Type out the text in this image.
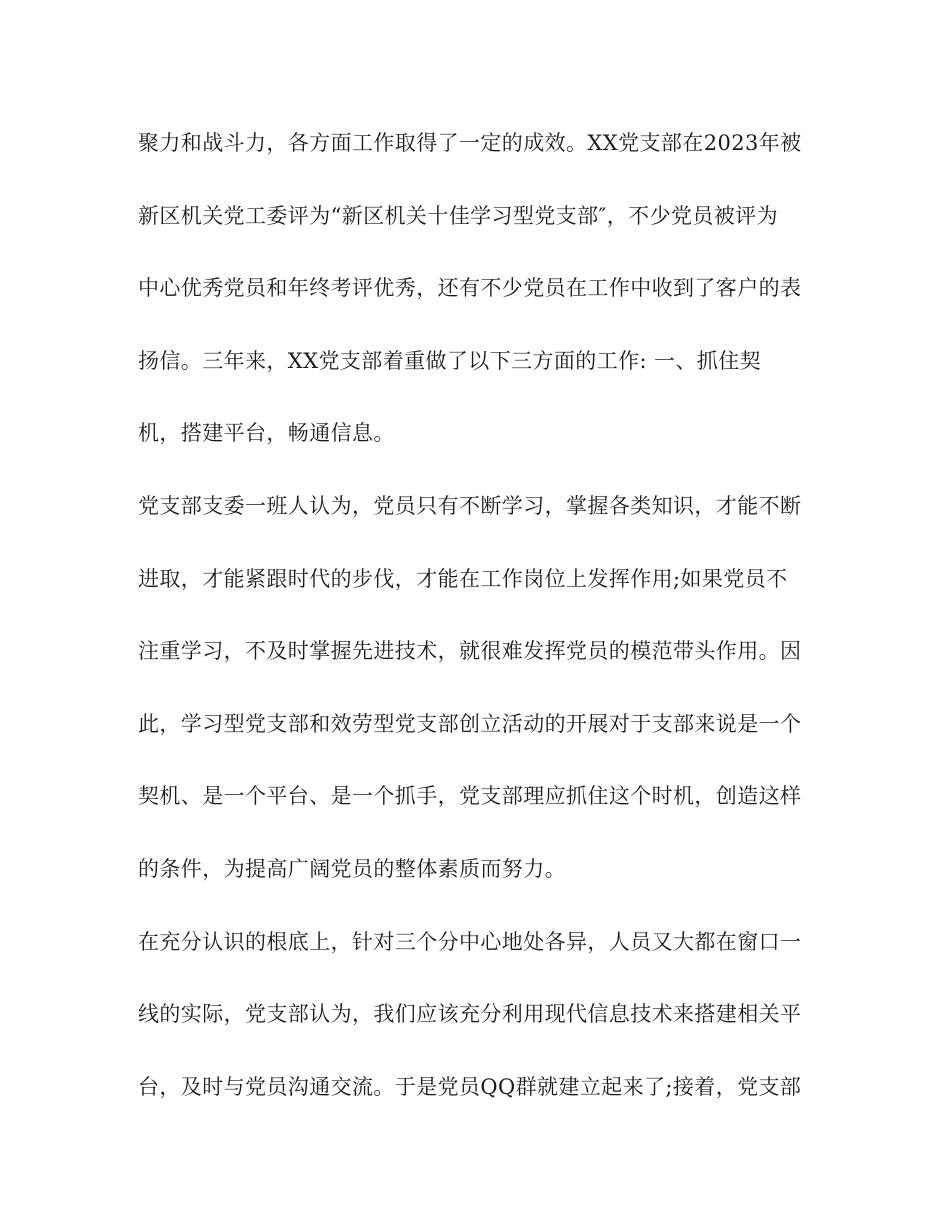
聚力和战斗力，各方面工作取得了一定的成效。XX党支部在2023年被
新区机关党工委评为“新区机关十佳学习型党支部″，不少党员被评为
中心优秀党员和年终考评优秀，还有不少党员在工作中收到了客户的表
扬信。三年来，XX党支部着重做了以下三方面的工作: 一、抓住契
机，搭建平台，畅通信息。
党支部支委一班人认为，党员只有不断学习，掌握各类知识，才能不断
进取，才能紧跟时代的步伐，才能在工作岗位上发挥作用;如果党员不
注重学习，不及时掌握先进技术，就很难发挥党员的模范带头作用。因
此，学习型党支部和效劳型党支部创立活动的开展对于支部来说是一个
契机、是一个平台、是一个抓手，党支部理应抓住这个时机，创造这样
的条件，为提高广阔党员的整体素质而努力。
在充分认识的根底上，针对三个分中心地处各异，人员又大都在窗口一
线的实际，党支部认为，我们应该充分利用现代信息技术来搭建相关平
台，及时与党员沟通交流。于是党员QQ群就建立起来了;接着，党支部
